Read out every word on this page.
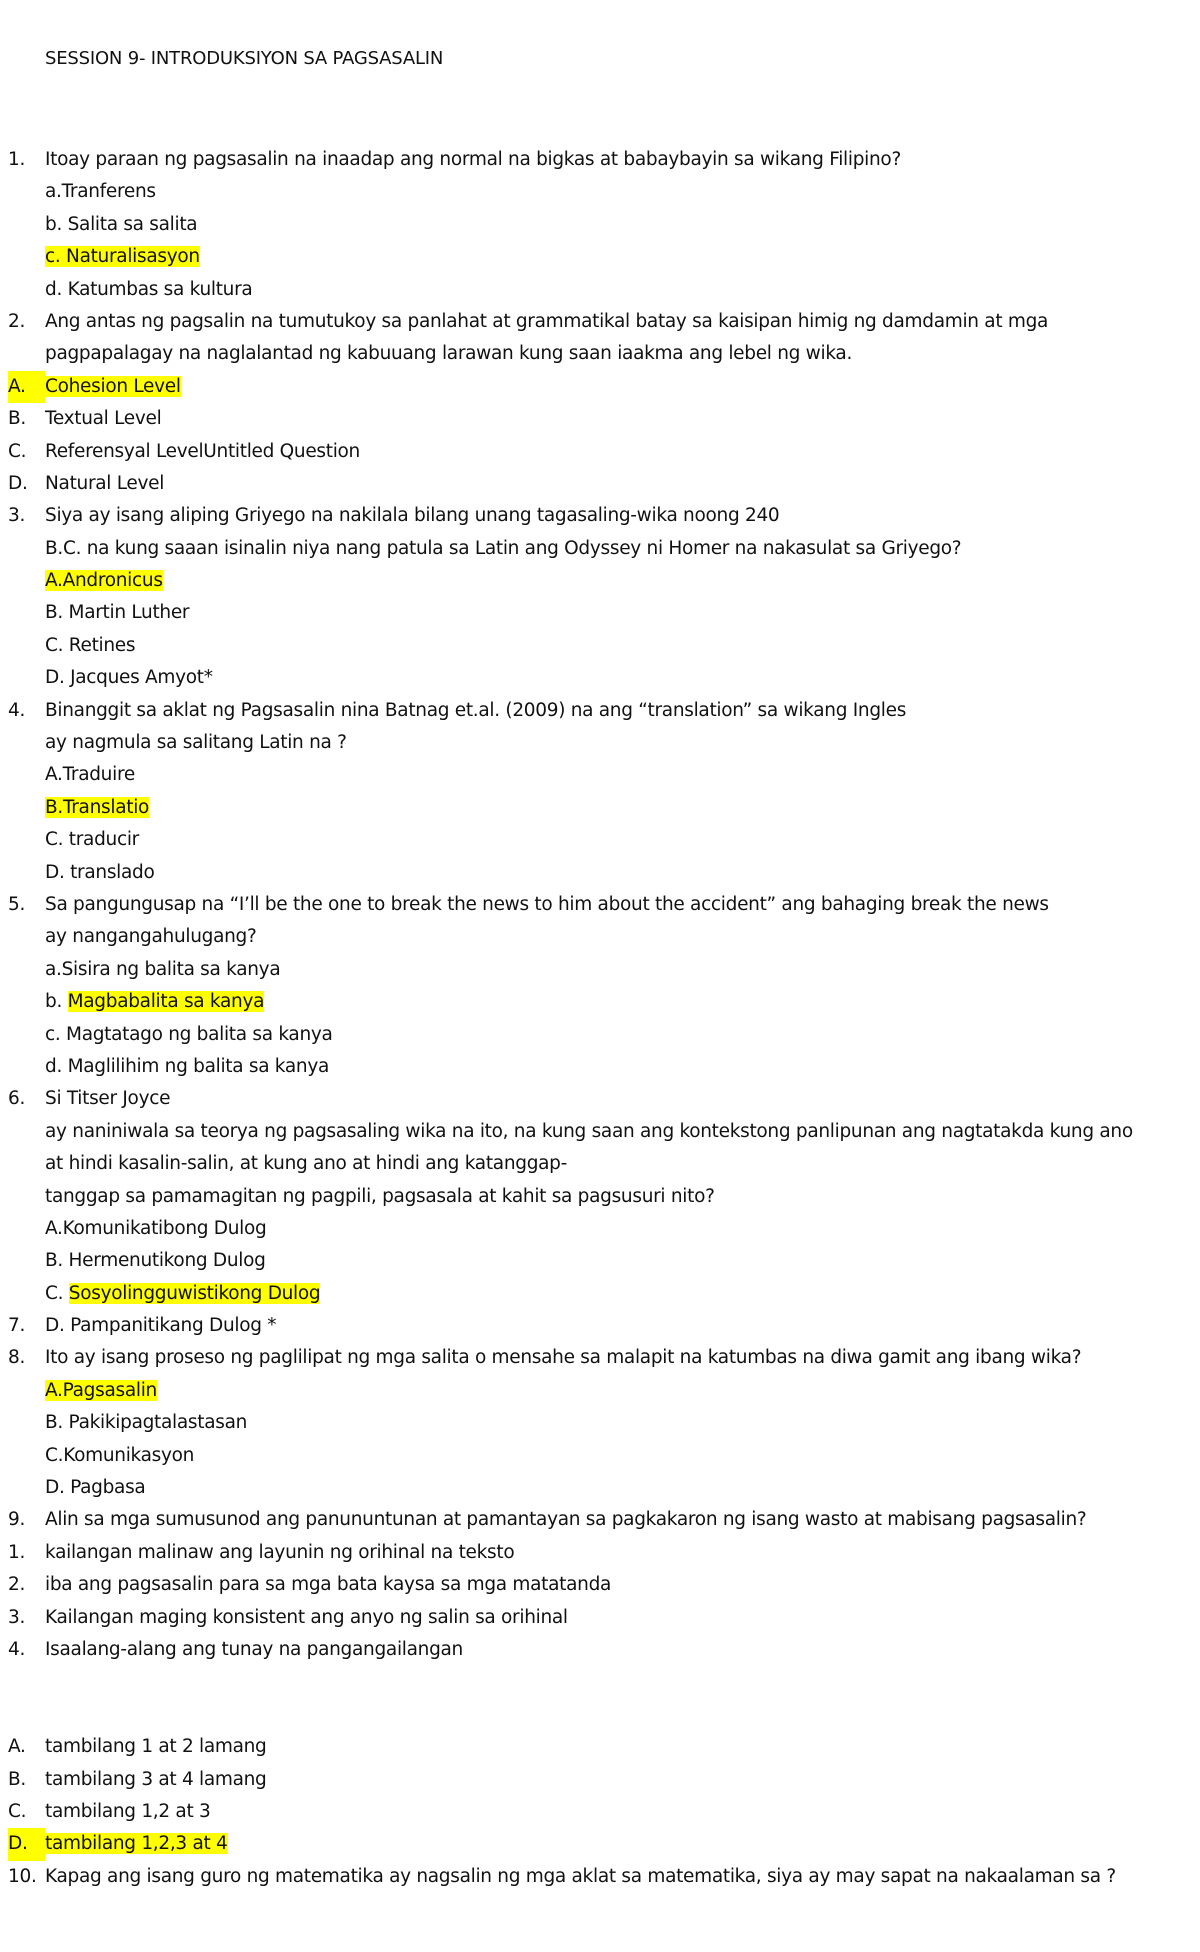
SESSION 9- INTRODUKSIYON SA PAGSASALIN
1.	Itoay paraan ng pagsasalin na inaadap ang normal na bigkas at babaybayin sa wikang Filipino?
a.Tranferens
b. Salita sa salita
c. Naturalisasyon
d. Katumbas sa kultura
2.	Ang antas ng pagsalin na tumutukoy sa panlahat at grammatikal batay sa kaisipan himig ng damdamin at mga
pagpapalagay na naglalantad ng kabuuang larawan kung saan iaakma ang lebel ng wika.
A.	Cohesion Level
B.	Textual Level
C.	Referensyal LevelUntitled Question
D. Natural Level
3.	Siya ay isang aliping Griyego na nakilala bilang unang tagasaling-wika noong 240
B.C. na kung saaan isinalin niya nang patula sa Latin ang Odyssey ni Homer na nakasulat sa Griyego?
A.Andronicus
B. Martin Luther
C. Retines
D. Jacques Amyot*
4.	Binanggit sa aklat ng Pagsasalin nina Batnag et.al. (2009) na ang “translation” sa wikang Ingles
ay nagmula sa salitang Latin na ?
A.Traduire
B.Translatio
C. traducir
D. translado
5.	Sa pangungusap na “I’ll be the one to break the news to him about the accident” ang bahaging break the news
ay nangangahulugang?
a.Sisira ng balita sa kanya
b. Magbabalita sa kanya
c. Magtatago ng balita sa kanya
d. Maglilihim ng balita sa kanya
6.	Si Titser Joyce
ay naniniwala sa teorya ng pagsasaling wika na ito, na kung saan ang kontekstong panlipunan ang nagtatakda kung ano
at hindi kasalin-salin, at kung ano at hindi ang katanggap-
tanggap sa pamamagitan ng pagpili, pagsasala at kahit sa pagsusuri nito?
A.Komunikatibong Dulog
B. Hermenutikong Dulog
C. Sosyolingguwistikong Dulog
7.	D. Pampanitikang Dulog *
8.	Ito ay isang proseso ng paglilipat ng mga salita o mensahe sa malapit na katumbas na diwa gamit ang ibang wika?
A.Pagsasalin
B. Pakikipagtalastasan
C.Komunikasyon
D. Pagbasa
9.	Alin sa mga sumusunod ang panununtunan at pamantayan sa pagkakaron ng isang wasto at mabisang pagsasalin?
1.	kailangan malinaw ang layunin ng orihinal na teksto
2.	iba ang pagsasalin para sa mga bata kaysa sa mga matatanda
3.	Kailangan maging konsistent ang anyo ng salin sa orihinal
4.	Isaalang-alang ang tunay na pangangailangan
A.	tambilang 1 at 2 lamang
B.	tambilang 3 at 4 lamang
C.	tambilang 1,2 at 3
D. tambilang 1,2,3 at 4
10. Kapag ang isang guro ng matematika ay nagsalin ng mga aklat sa matematika, siya ay may sapat na nakaalaman sa ?
